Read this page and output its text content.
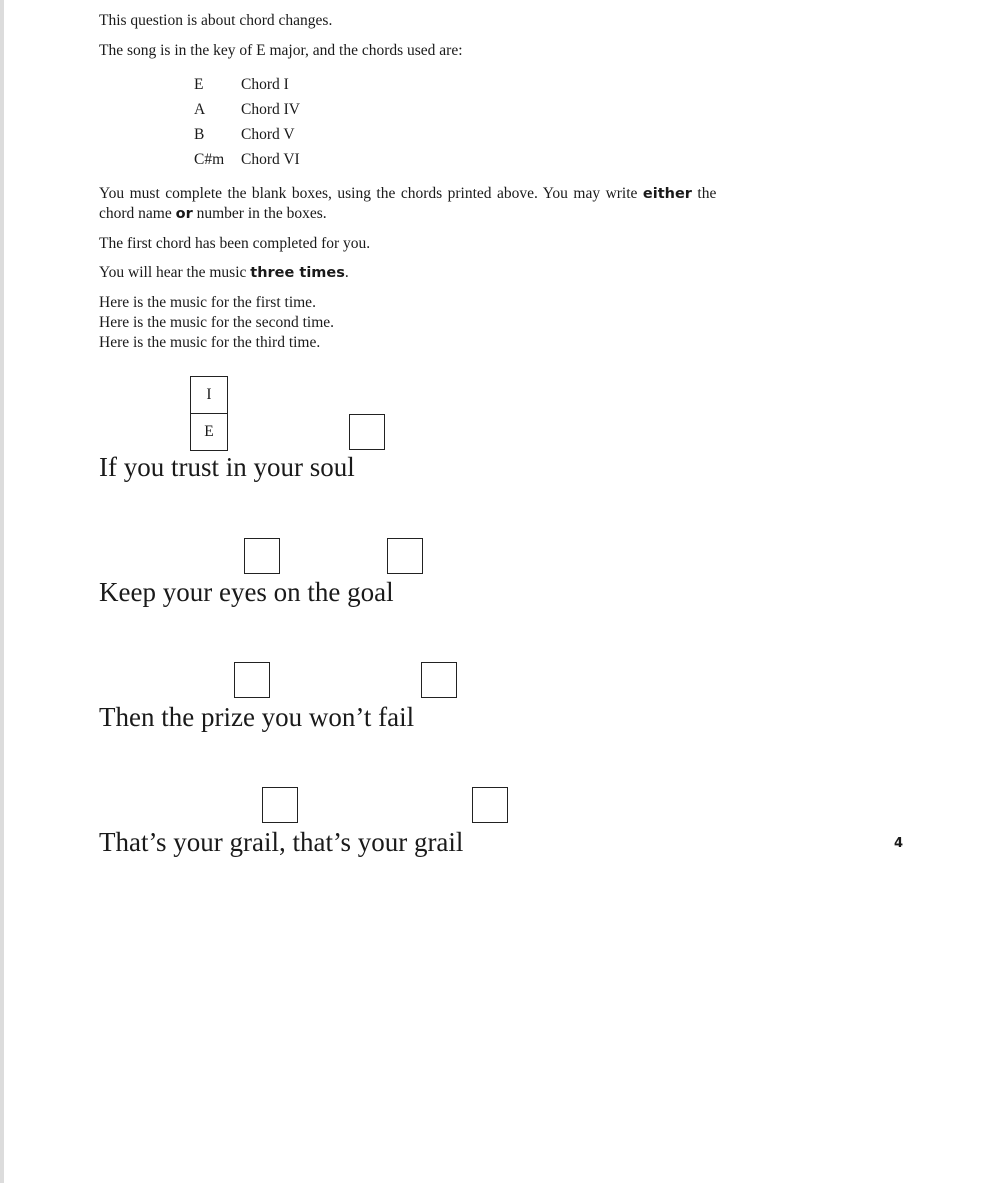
This question is about chord changes.
The song is in the key of E major, and the chords used are:
E Chord I
A Chord IV
B Chord V
C#m Chord VI
You must complete the blank boxes, using the chords printed above. You may write either the
chord name or number in the boxes.
The first chord has been completed for you.
You will hear the music three times.
Here is the music for the first time.
Here is the music for the second time.
Here is the music for the third time.
I
E
If you trust in your soul
Keep your eyes on the goal
Then the prize you won’t fail
That’s your grail, that’s your grail	4
